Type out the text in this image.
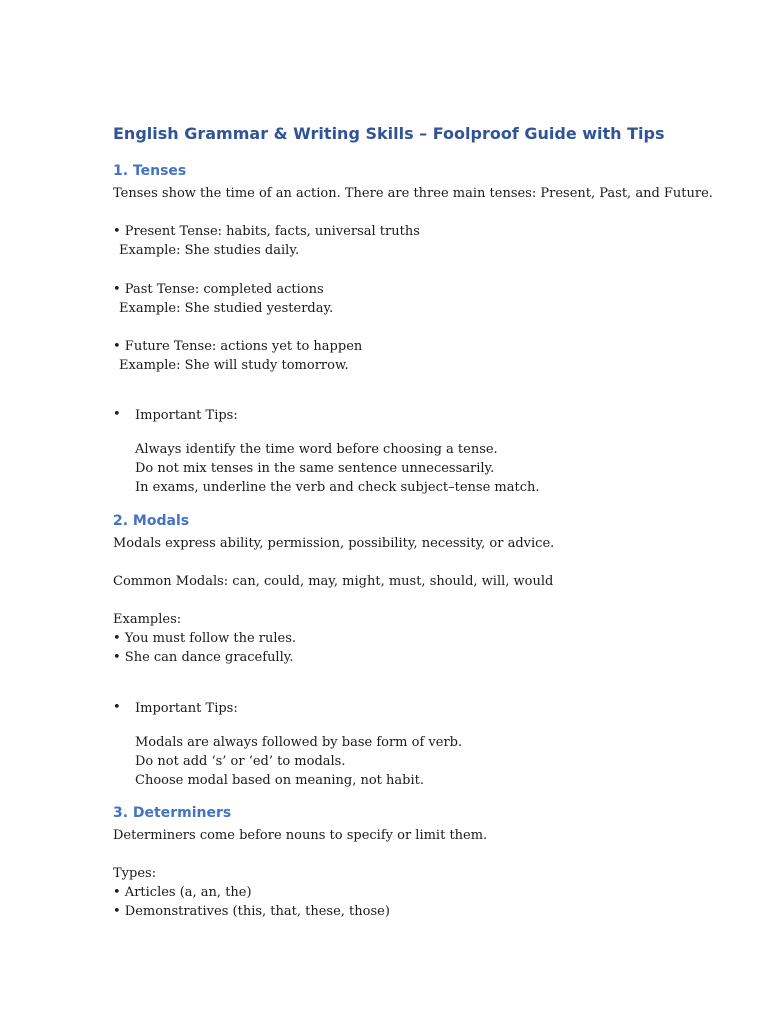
English Grammar & Writing Skills – Foolproof Guide with Tips
1. Tenses
Tenses show the time of an action. There are three main tenses: Present, Past, and Future.
• Present Tense: habits, facts, universal truths
Example: She studies daily.
• Past Tense: completed actions
Example: She studied yesterday.
• Future Tense: actions yet to happen
Example: She will study tomorrow.
• Important Tips:
Always identify the time word before choosing a tense.
Do not mix tenses in the same sentence unnecessarily.
In exams, underline the verb and check subject–tense match.
2. Modals
Modals express ability, permission, possibility, necessity, or advice.
Common Modals: can, could, may, might, must, should, will, would
Examples:
• You must follow the rules.
• She can dance gracefully.
• Important Tips:
Modals are always followed by base form of verb.
Do not add ‘s’ or ‘ed’ to modals.
Choose modal based on meaning, not habit.
3. Determiners
Determiners come before nouns to specify or limit them.
Types:
• Articles (a, an, the)
• Demonstratives (this, that, these, those)
